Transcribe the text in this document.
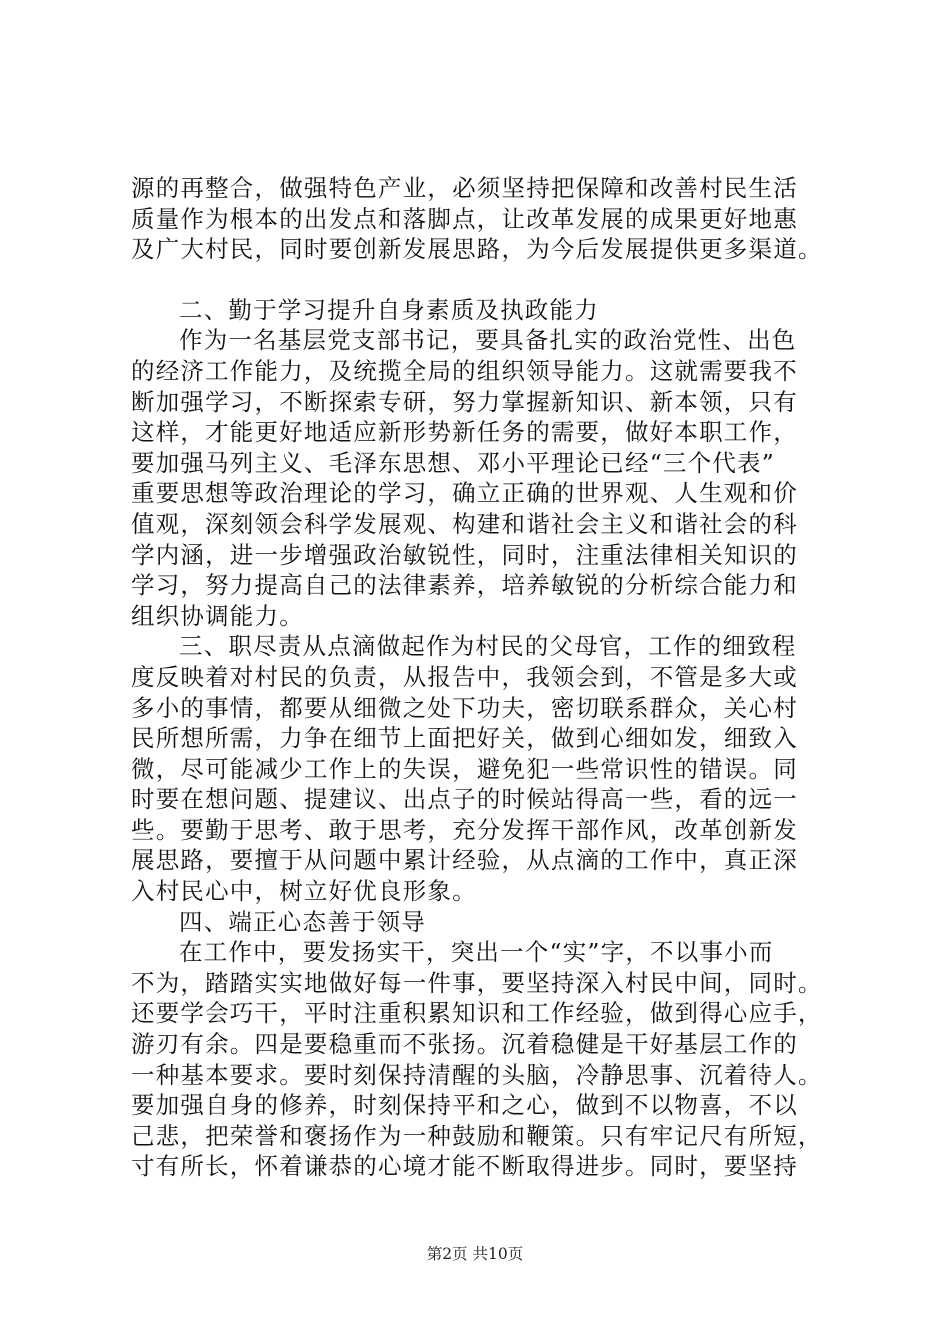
源的再整合，做强特色产业，必须坚持把保障和改善村民生活
质量作为根本的出发点和落脚点，让改革发展的成果更好地惠
及广大村民，同时要创新发展思路，为今后发展提供更多渠道。
二、勤于学习提升自身素质及执政能力
作为一名基层党支部书记，要具备扎实的政治党性、出色
的经济工作能力，及统揽全局的组织领导能力。这就需要我不
断加强学习，不断探索专研，努力掌握新知识、新本领，只有
这样，才能更好地适应新形势新任务的需要，做好本职工作，
要加强马列主义、毛泽东思想、邓小平理论已经“三个代表”
重要思想等政治理论的学习，确立正确的世界观、人生观和价
值观，深刻领会科学发展观、构建和谐社会主义和谐社会的科
学内涵，进一步增强政治敏锐性，同时，注重法律相关知识的
学习，努力提高自己的法律素养，培养敏锐的分析综合能力和
组织协调能力。
三、职尽责从点滴做起作为村民的父母官，工作的细致程
度反映着对村民的负责，从报告中，我领会到，不管是多大或
多小的事情，都要从细微之处下功夫，密切联系群众，关心村
民所想所需，力争在细节上面把好关，做到心细如发，细致入
微，尽可能减少工作上的失误，避免犯一些常识性的错误。同
时要在想问题、提建议、出点子的时候站得高一些，看的远一
些。要勤于思考、敢于思考，充分发挥干部作风，改革创新发
展思路，要擅于从问题中累计经验，从点滴的工作中，真正深
入村民心中，树立好优良形象。
四、端正心态善于领导
在工作中，要发扬实干，突出一个“实”字，不以事小而
不为，踏踏实实地做好每一件事，要坚持深入村民中间，同时。
还要学会巧干，平时注重积累知识和工作经验，做到得心应手，
游刃有余。四是要稳重而不张扬。沉着稳健是干好基层工作的
一种基本要求。要时刻保持清醒的头脑，冷静思事、沉着待人。
要加强自身的修养，时刻保持平和之心，做到不以物喜，不以
己悲，把荣誉和褒扬作为一种鼓励和鞭策。只有牢记尺有所短，
寸有所长，怀着谦恭的心境才能不断取得进步。同时，要坚持
第2页 共10页
